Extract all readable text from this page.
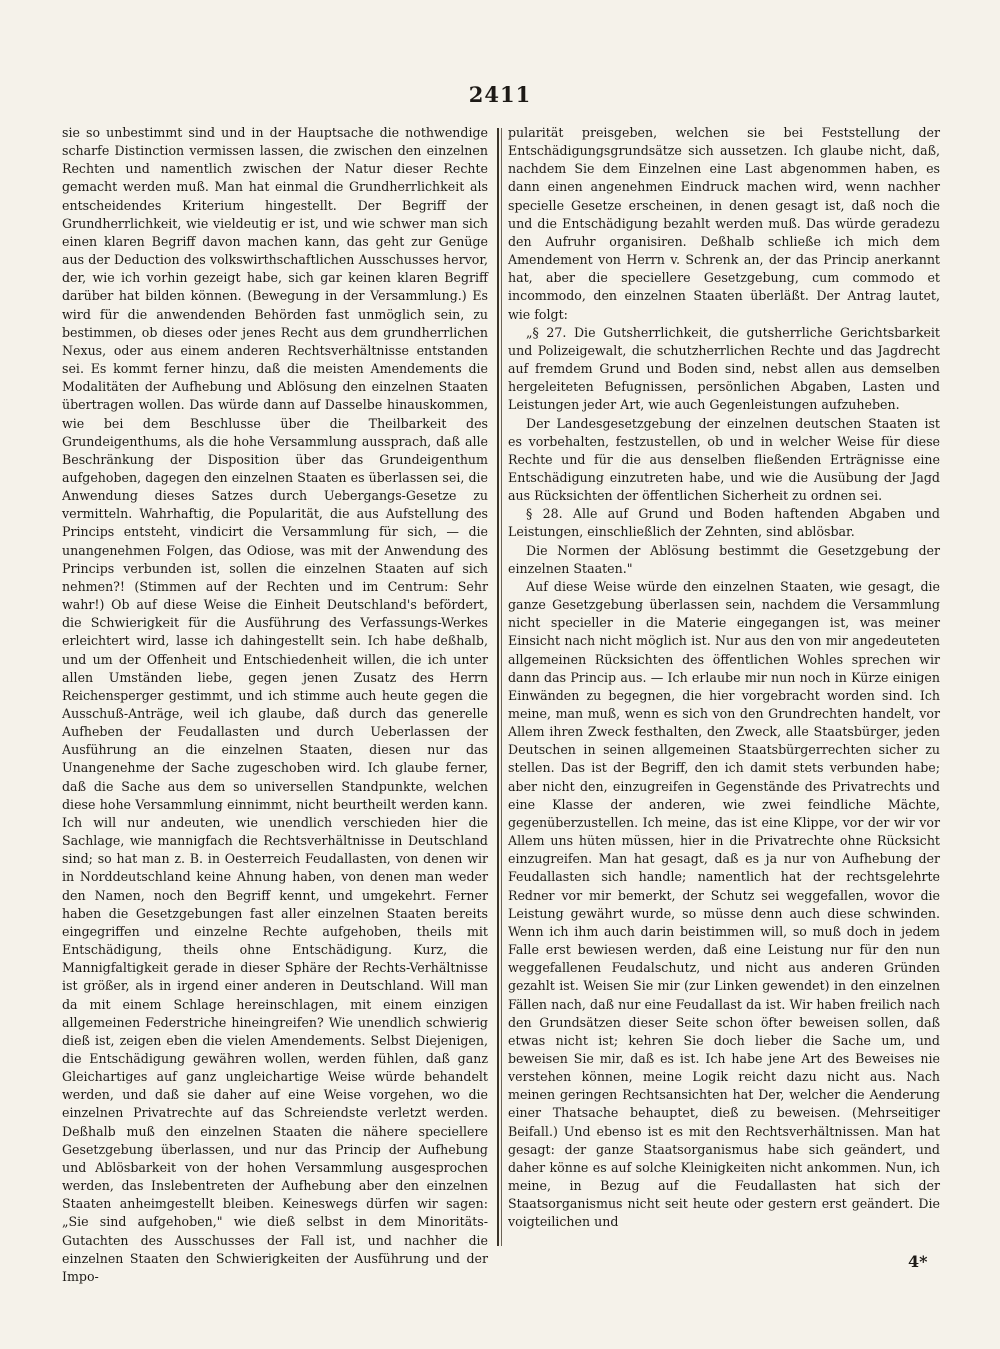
2411

sie so unbestimmt sind und in der Hauptsache die nothwendige scharfe Distinction vermissen lassen, die zwischen den einzelnen Rechten und namentlich zwischen der Natur dieser Rechte gemacht werden muß. Man hat einmal die Grundherrlichkeit als entscheidendes Kriterium hingestellt. Der Begriff der Grundherrlichkeit, wie vieldeutig er ist, und wie schwer man sich einen klaren Begriff davon machen kann, das geht zur Genüge aus der Deduction des volkswirthschaftlichen Ausschusses hervor, der, wie ich vorhin gezeigt habe, sich gar keinen klaren Begriff darüber hat bilden können. (Bewegung in der Versammlung.) Es wird für die anwendenden Behörden fast unmöglich sein, zu bestimmen, ob dieses oder jenes Recht aus dem grundherrlichen Nexus, oder aus einem anderen Rechtsverhältnisse entstanden sei. Es kommt ferner hinzu, daß die meisten Amendements die Modalitäten der Aufhebung und Ablösung den einzelnen Staaten übertragen wollen. Das würde dann auf Dasselbe hinauskommen, wie bei dem Beschlusse über die Theilbarkeit des Grundeigenthums, als die hohe Versammlung aussprach, daß alle Beschränkung der Disposition über das Grundeigenthum aufgehoben, dagegen den einzelnen Staaten es überlassen sei, die Anwendung dieses Satzes durch Uebergangs-Gesetze zu vermitteln. Wahrhaftig, die Popularität, die aus Aufstellung des Princips entsteht, vindicirt die Versammlung für sich, — die unangenehmen Folgen, das Odiose, was mit der Anwendung des Princips verbunden ist, sollen die einzelnen Staaten auf sich nehmen?! (Stimmen auf der Rechten und im Centrum: Sehr wahr!) Ob auf diese Weise die Einheit Deutschland's befördert, die Schwierigkeit für die Ausführung des Verfassungs-Werkes erleichtert wird, lasse ich dahingestellt sein. Ich habe deßhalb, und um der Offenheit und Entschiedenheit willen, die ich unter allen Umständen liebe, gegen jenen Zusatz des Herrn Reichensperger gestimmt, und ich stimme auch heute gegen die Ausschuß-Anträge, weil ich glaube, daß durch das generelle Aufheben der Feudallasten und durch Ueberlassen der Ausführung an die einzelnen Staaten, diesen nur das Unangenehme der Sache zugeschoben wird. Ich glaube ferner, daß die Sache aus dem so universellen Standpunkte, welchen diese hohe Versammlung einnimmt, nicht beurtheilt werden kann. Ich will nur andeuten, wie unendlich verschieden hier die Sachlage, wie mannigfach die Rechtsverhältnisse in Deutschland sind; so hat man z. B. in Oesterreich Feudallasten, von denen wir in Norddeutschland keine Ahnung haben, von denen man weder den Namen, noch den Begriff kennt, und umgekehrt. Ferner haben die Gesetzgebungen fast aller einzelnen Staaten bereits eingegriffen und einzelne Rechte aufgehoben, theils mit Entschädigung, theils ohne Entschädigung. Kurz, die Mannigfaltigkeit gerade in dieser Sphäre der Rechts-Verhältnisse ist größer, als in irgend einer anderen in Deutschland. Will man da mit einem Schlage hereinschlagen, mit einem einzigen allgemeinen Federstriche hineingreifen? Wie unendlich schwierig dieß ist, zeigen eben die vielen Amendements. Selbst Diejenigen, die Entschädigung gewähren wollen, werden fühlen, daß ganz Gleichartiges auf ganz ungleichartige Weise würde behandelt werden, und daß sie daher auf eine Weise vorgehen, wo die einzelnen Privatrechte auf das Schreiendste verletzt werden. Deßhalb muß den einzelnen Staaten die nähere speciellere Gesetzgebung überlassen, und nur das Princip der Aufhebung und Ablösbarkeit von der hohen Versammlung ausgesprochen werden, das Inslebentreten der Aufhebung aber den einzelnen Staaten anheimgestellt bleiben. Keineswegs dürfen wir sagen: „Sie sind aufgehoben," wie dieß selbst in dem Minoritäts-Gutachten des Ausschusses der Fall ist, und nachher die einzelnen Staaten den Schwierigkeiten der Ausführung und der Impo-

pularität preisgeben, welchen sie bei Feststellung der Entschädigungsgrundsätze sich aussetzen. Ich glaube nicht, daß, nachdem Sie dem Einzelnen eine Last abgenommen haben, es dann einen angenehmen Eindruck machen wird, wenn nachher specielle Gesetze erscheinen, in denen gesagt ist, daß noch die und die Entschädigung bezahlt werden muß. Das würde geradezu den Aufruhr organisiren. Deßhalb schließe ich mich dem Amendement von Herrn v. Schrenk an, der das Princip anerkannt hat, aber die speciellere Gesetzgebung, cum commodo et incommodo, den einzelnen Staaten überläßt. Der Antrag lautet, wie folgt:

„§ 27. Die Gutsherrlichkeit, die gutsherrliche Gerichtsbarkeit und Polizeigewalt, die schutzherrlichen Rechte und das Jagdrecht auf fremdem Grund und Boden sind, nebst allen aus demselben hergeleiteten Befugnissen, persönlichen Abgaben, Lasten und Leistungen jeder Art, wie auch Gegenleistungen aufzuheben.

Der Landesgesetzgebung der einzelnen deutschen Staaten ist es vorbehalten, festzustellen, ob und in welcher Weise für diese Rechte und für die aus denselben fließenden Erträgnisse eine Entschädigung einzutreten habe, und wie die Ausübung der Jagd aus Rücksichten der öffentlichen Sicherheit zu ordnen sei.

§ 28. Alle auf Grund und Boden haftenden Abgaben und Leistungen, einschließlich der Zehnten, sind ablösbar.

Die Normen der Ablösung bestimmt die Gesetzgebung der einzelnen Staaten."

Auf diese Weise würde den einzelnen Staaten, wie gesagt, die ganze Gesetzgebung überlassen sein, nachdem die Versammlung nicht specieller in die Materie eingegangen ist, was meiner Einsicht nach nicht möglich ist. Nur aus den von mir angedeuteten allgemeinen Rücksichten des öffentlichen Wohles sprechen wir dann das Princip aus. — Ich erlaube mir nun noch in Kürze einigen Einwänden zu begegnen, die hier vorgebracht worden sind. Ich meine, man muß, wenn es sich von den Grundrechten handelt, vor Allem ihren Zweck festhalten, den Zweck, alle Staatsbürger, jeden Deutschen in seinen allgemeinen Staatsbürgerrechten sicher zu stellen. Das ist der Begriff, den ich damit stets verbunden habe; aber nicht den, einzugreifen in Gegenstände des Privatrechts und eine Klasse der anderen, wie zwei feindliche Mächte, gegenüberzustellen. Ich meine, das ist eine Klippe, vor der wir vor Allem uns hüten müssen, hier in die Privatrechte ohne Rücksicht einzugreifen. Man hat gesagt, daß es ja nur von Aufhebung der Feudallasten sich handle; namentlich hat der rechtsgelehrte Redner vor mir bemerkt, der Schutz sei weggefallen, wovor die Leistung gewährt wurde, so müsse denn auch diese schwinden. Wenn ich ihm auch darin beistimmen will, so muß doch in jedem Falle erst bewiesen werden, daß eine Leistung nur für den nun weggefallenen Feudalschutz, und nicht aus anderen Gründen gezahlt ist. Weisen Sie mir (zur Linken gewendet) in den einzelnen Fällen nach, daß nur eine Feudallast da ist. Wir haben freilich nach den Grundsätzen dieser Seite schon öfter beweisen sollen, daß etwas nicht ist; kehren Sie doch lieber die Sache um, und beweisen Sie mir, daß es ist. Ich habe jene Art des Beweises nie verstehen können, meine Logik reicht dazu nicht aus. Nach meinen geringen Rechtsansichten hat Der, welcher die Aenderung einer Thatsache behauptet, dieß zu beweisen. (Mehrseitiger Beifall.) Und ebenso ist es mit den Rechtsverhältnissen. Man hat gesagt: der ganze Staatsorganismus habe sich geändert, und daher könne es auf solche Kleinigkeiten nicht ankommen. Nun, ich meine, in Bezug auf die Feudallasten hat sich der Staatsorganismus nicht seit heute oder gestern erst geändert. Die voigteilichen und

4*
